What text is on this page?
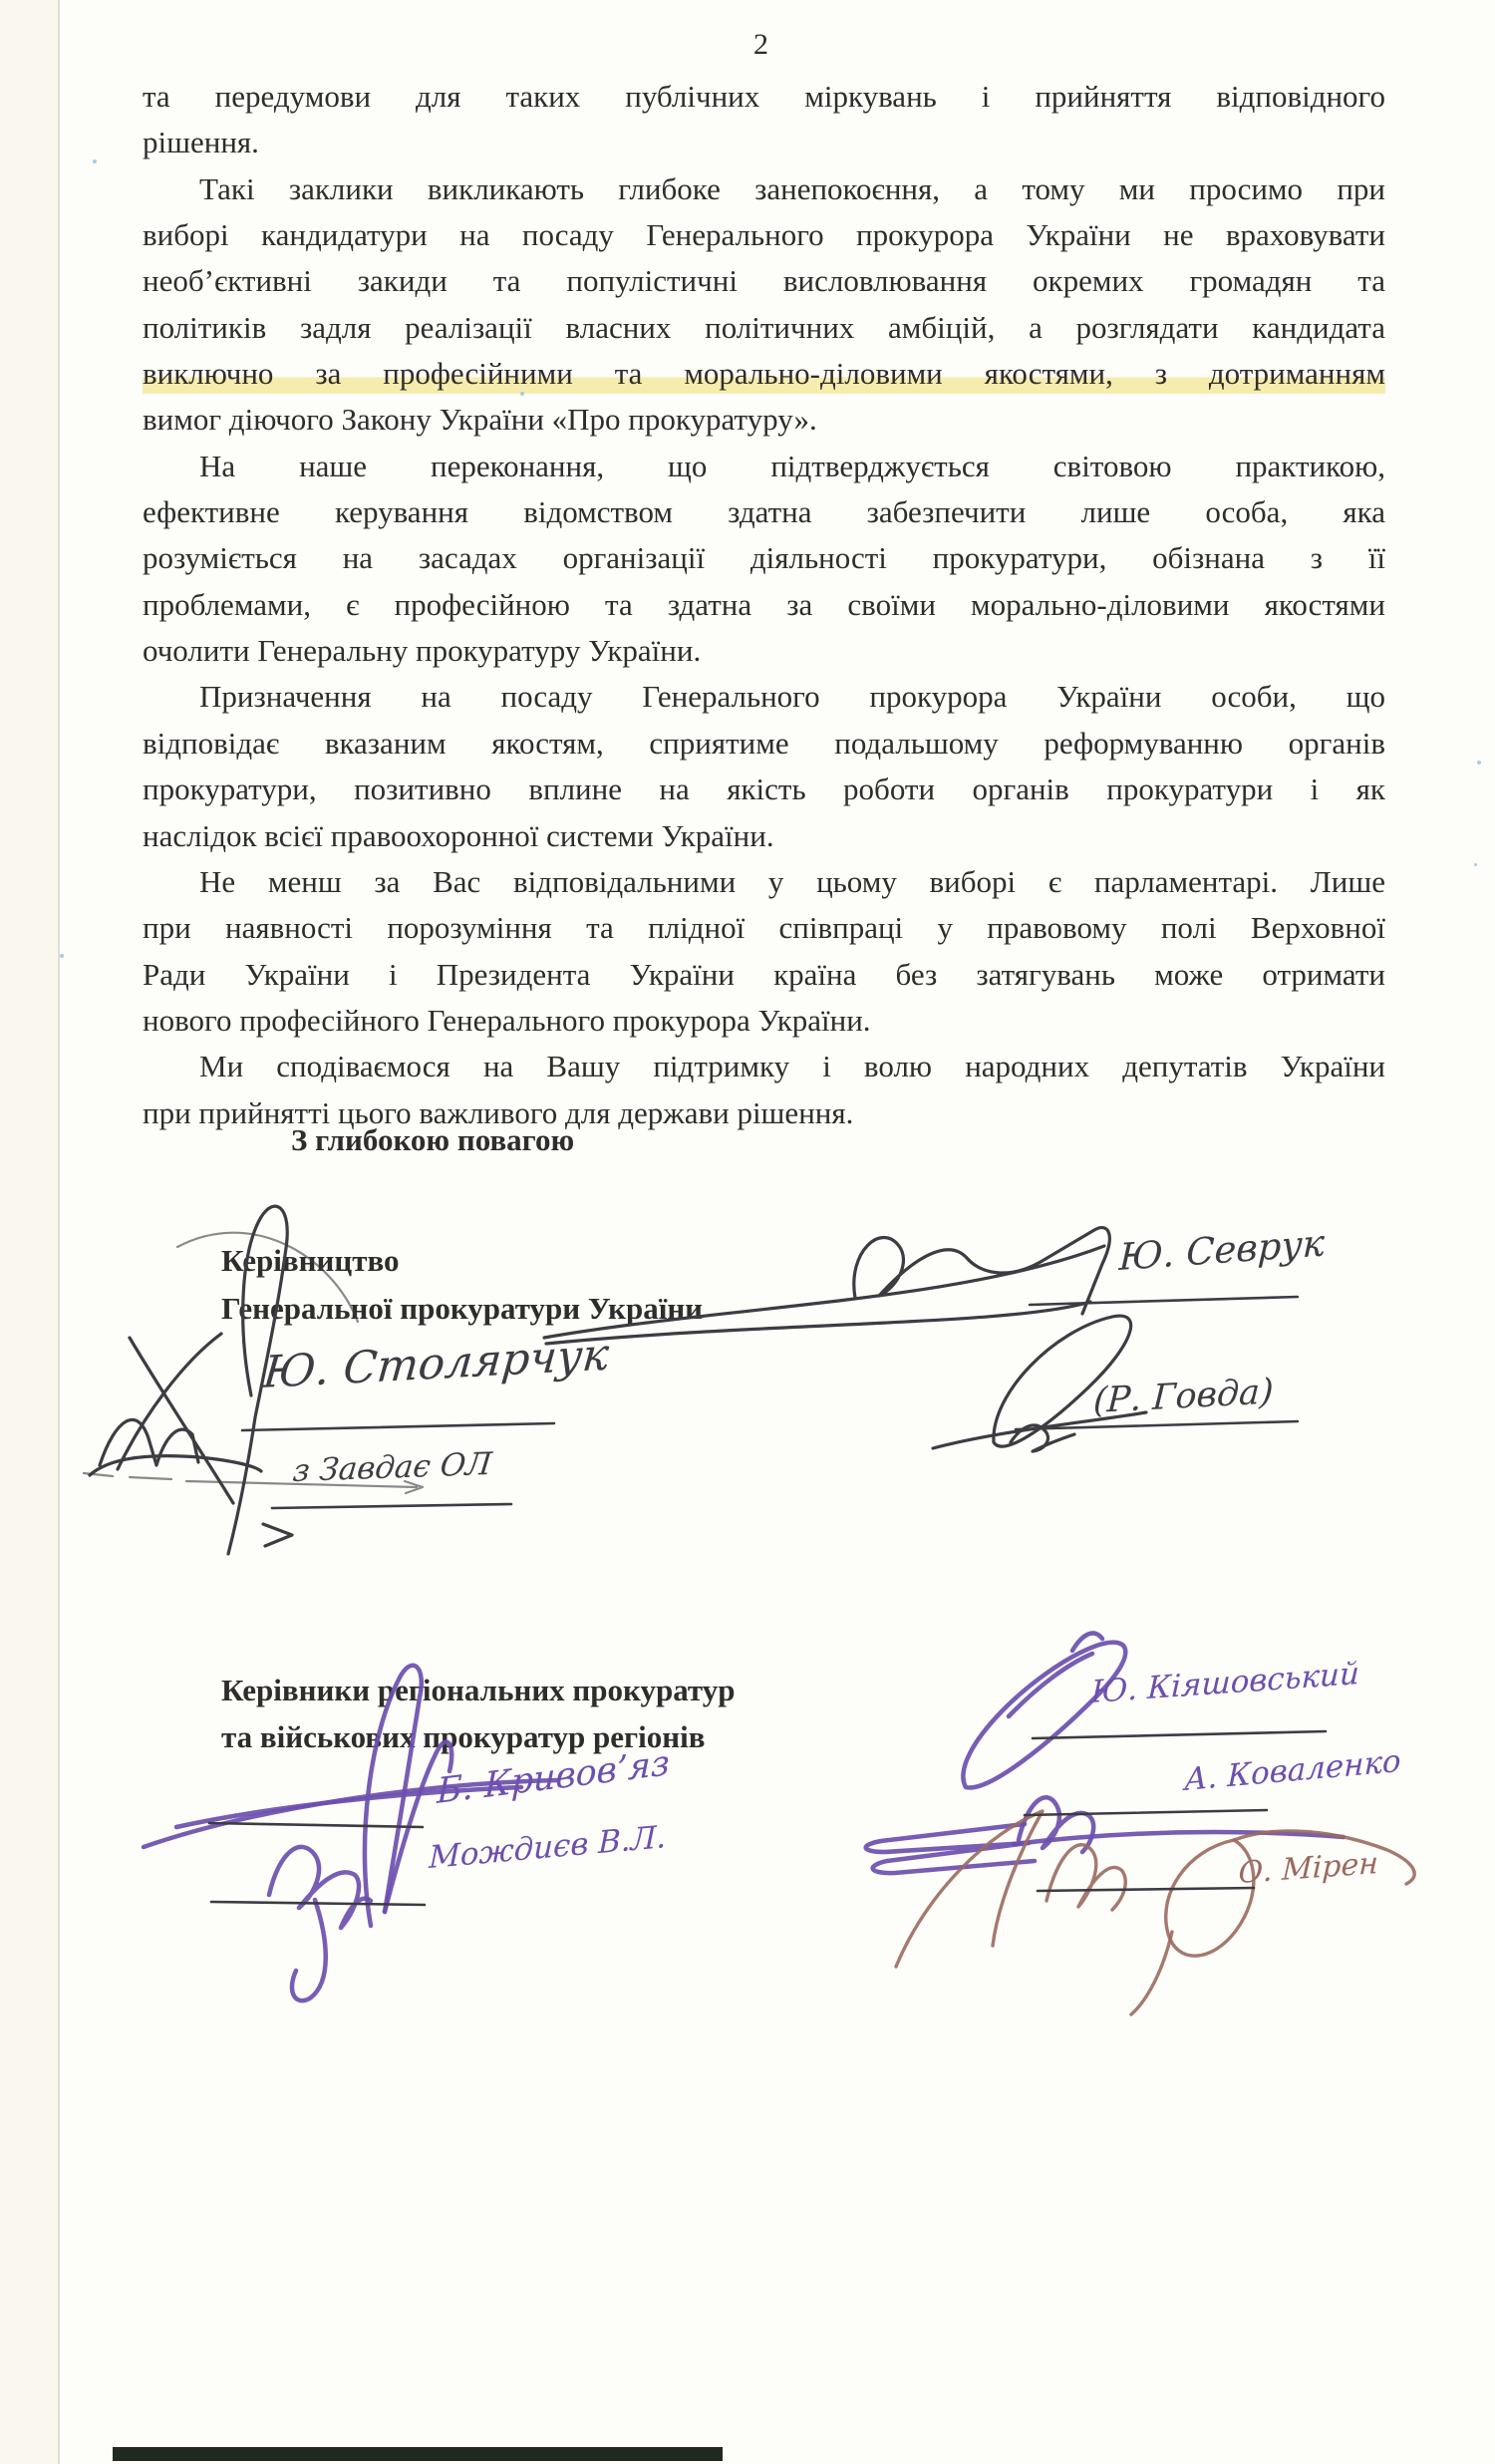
2
та передумови для таких публічних міркувань і прийняття відповідного
рішення.
Такі заклики викликають глибоке занепокоєння, а тому ми просимо при
виборі кандидатури на посаду Генерального прокурора України не враховувати
необ’єктивні закиди та популістичні висловлювання окремих громадян та
політиків задля реалізації власних політичних амбіцій, а розглядати кандидата
виключно за професійними та морально-діловими якостями, з дотриманням
вимог діючого Закону України «Про прокуратуру».
На наше переконання, що підтверджується світовою практикою,
ефективне керування відомством здатна забезпечити лише особа, яка
розуміється на засадах організації діяльності прокуратури, обізнана з її
проблемами, є професійною та здатна за своїми морально-діловими якостями
очолити Генеральну прокуратуру України.
Призначення на посаду Генерального прокурора України особи, що
відповідає вказаним якостям, сприятиме подальшому реформуванню органів
прокуратури, позитивно вплине на якість роботи органів прокуратури і як
наслідок всієї правоохоронної системи України.
Не менш за Вас відповідальними у цьому виборі є парламентарі. Лише
при наявності порозуміння та плідної співпраці у правовому полі Верховної
Ради України і Президента України країна без затягувань може отримати
нового професійного Генерального прокурора України.
Ми сподіваємося на Вашу підтримку і волю народних депутатів України
при прийнятті цього важливого для держави рішення.
З глибокою повагою
Керівництво
Генеральної прокуратури України
Керівники регіональних прокуратур
та військових прокуратур регіонів
Ю. Севрук
(Р. Говда)
Ю. Столярчук
з Завдає ОЛ
Б. Кривов’яз
Мождиєв В.Л.
Ю. Кіяшовський
А. Коваленко
О. Мірен
